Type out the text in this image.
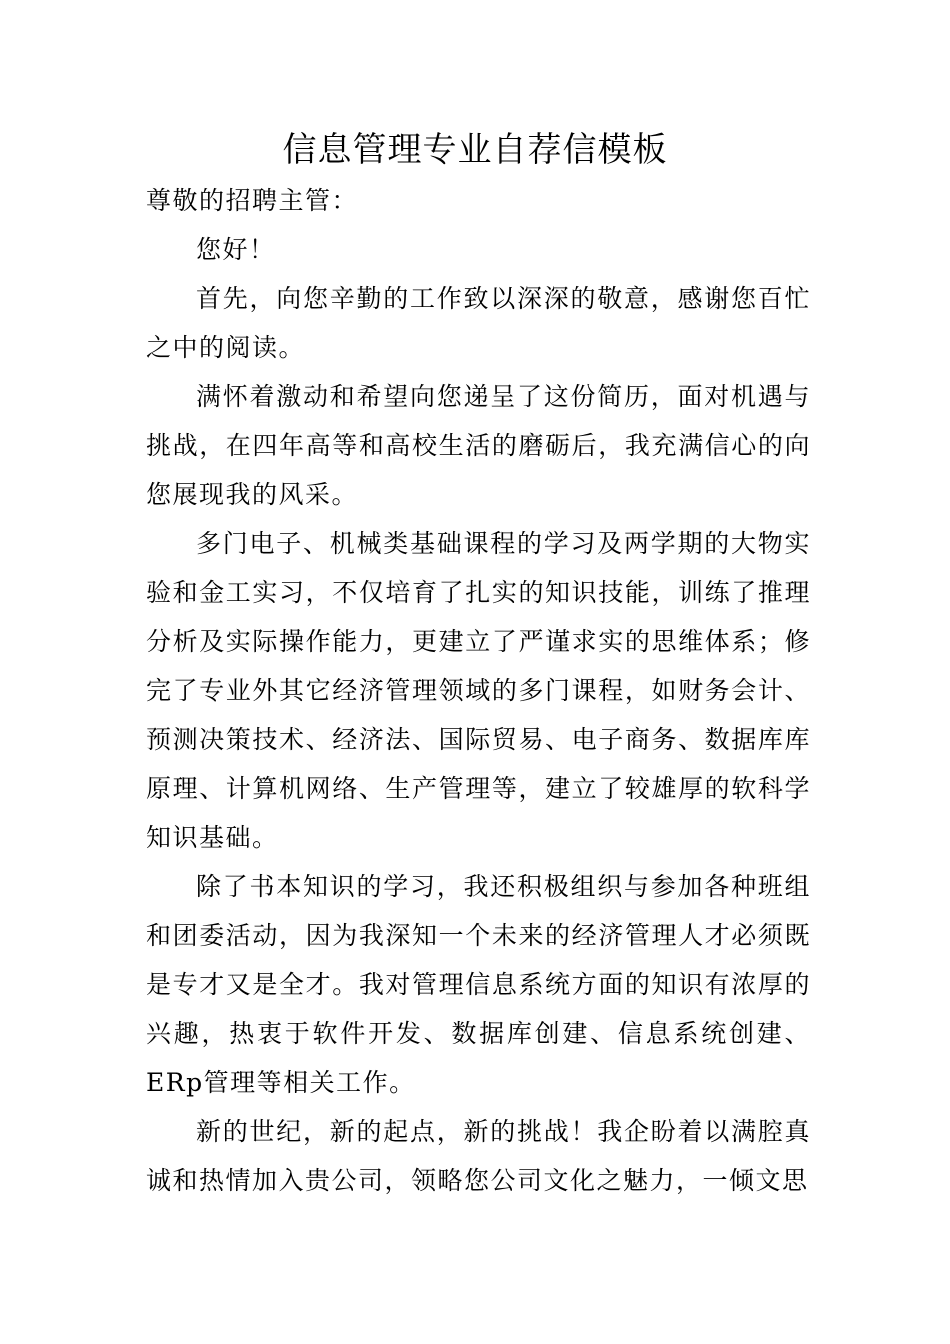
信息管理专业自荐信模板

尊敬的招聘主管：

您好！

首先，向您辛勤的工作致以深深的敬意，感谢您百忙之中的阅读。

满怀着激动和希望向您递呈了这份简历，面对机遇与挑战，在四年高等和高校生活的磨砺后，我充满信心的向您展现我的风采。

多门电子、机械类基础课程的学习及两学期的大物实验和金工实习，不仅培育了扎实的知识技能，训练了推理分析及实际操作能力，更建立了严谨求实的思维体系；修完了专业外其它经济管理领域的多门课程，如财务会计、预测决策技术、经济法、国际贸易、电子商务、数据库库原理、计算机网络、生产管理等，建立了较雄厚的软科学知识基础。

除了书本知识的学习，我还积极组织与参加各种班组和团委活动，因为我深知一个未来的经济管理人才必须既是专才又是全才。我对管理信息系统方面的知识有浓厚的兴趣，热衷于软件开发、数据库创建、信息系统创建、ERp管理等相关工作。

新的世纪，新的起点，新的挑战！我企盼着以满腔真诚和热情加入贵公司，领略您公司文化之魅力，一倾文思
